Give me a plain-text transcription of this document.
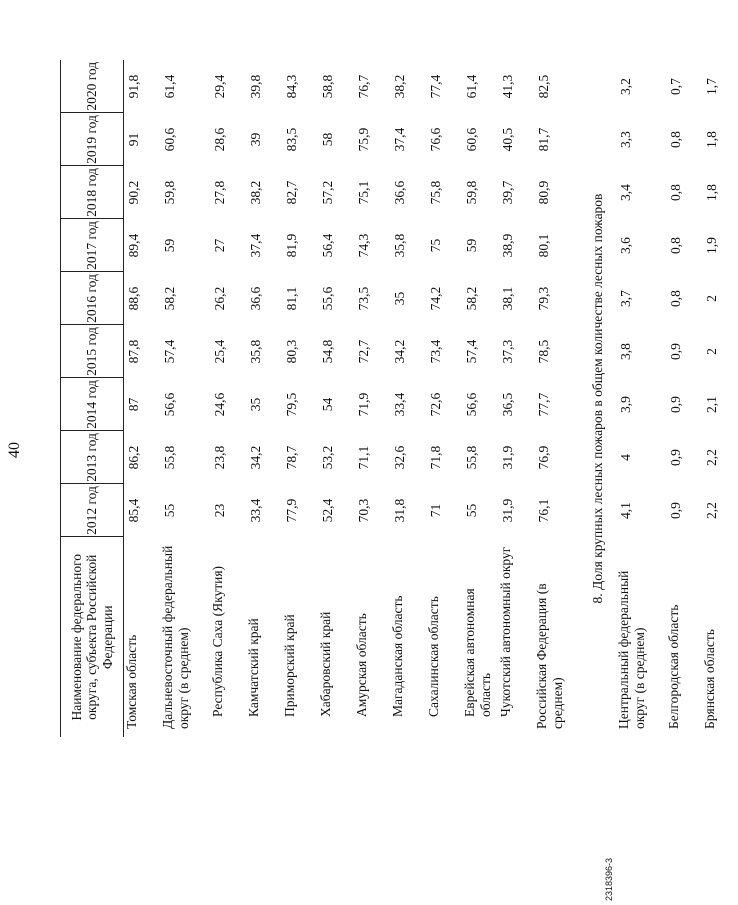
40
Наименование федерального округа, субъекта Российской Федерации	2012 год	2013 год	2014 год	2015 год	2016 год	2017 год	2018 год	2019 год	2020 год
Томская область	85,4	86,2	87	87,8	88,6	89,4	90,2	91	91,8
Дальневосточный федеральный округ (в среднем)	55	55,8	56,6	57,4	58,2	59	59,8	60,6	61,4
Республика Саха (Якутия)	23	23,8	24,6	25,4	26,2	27	27,8	28,6	29,4
Камчатский край	33,4	34,2	35	35,8	36,6	37,4	38,2	39	39,8
Приморский край	77,9	78,7	79,5	80,3	81,1	81,9	82,7	83,5	84,3
Хабаровский край	52,4	53,2	54	54,8	55,6	56,4	57,2	58	58,8
Амурская область	70,3	71,1	71,9	72,7	73,5	74,3	75,1	75,9	76,7
Магаданская область	31,8	32,6	33,4	34,2	35	35,8	36,6	37,4	38,2
Сахалинская область	71	71,8	72,6	73,4	74,2	75	75,8	76,6	77,4
Еврейская автономная область	55	55,8	56,6	57,4	58,2	59	59,8	60,6	61,4
Чукотский автономный округ	31,9	31,9	36,5	37,3	38,1	38,9	39,7	40,5	41,3
Российская Федерация (в среднем)	76,1	76,9	77,7	78,5	79,3	80,1	80,9	81,7	82,5
8. Доля крупных лесных пожаров в общем количестве лесных пожаров									
Центральный федеральный округ (в среднем)	4,1	4	3,9	3,8	3,7	3,6	3,4	3,3	3,2
Белгородская область	0,9	0,9	0,9	0,9	0,8	0,8	0,8	0,8	0,7
Брянская область	2,2	2,2	2,1	2	2	1,9	1,8	1,8	1,7
2318396-3
